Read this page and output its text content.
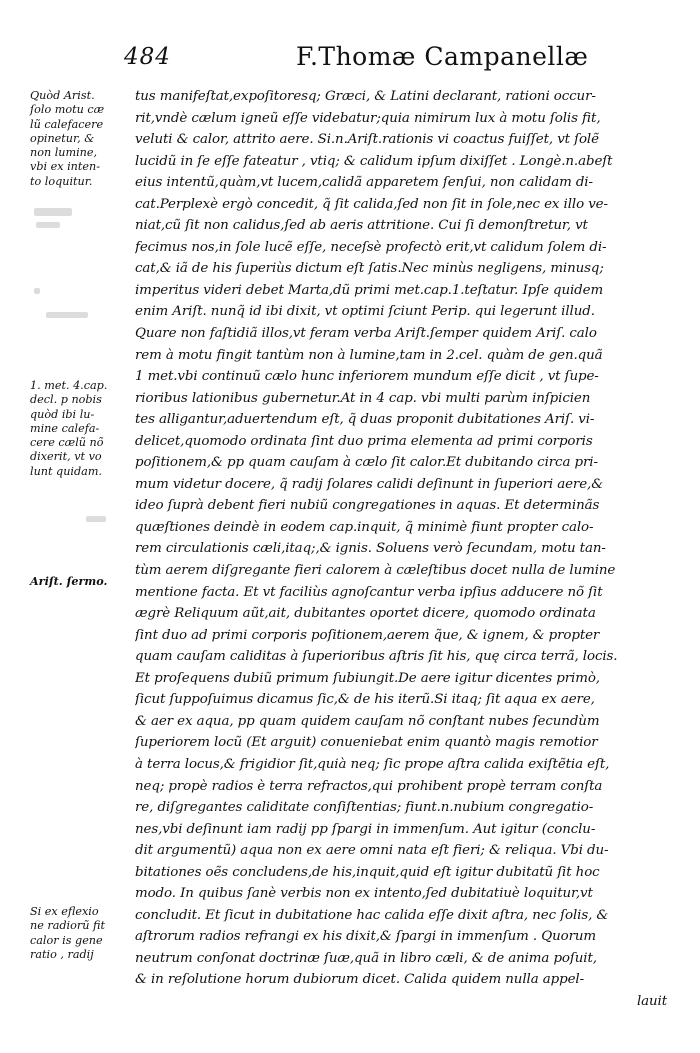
484	F.Thomæ Campanellæ
Quòd Arist.
ſolo motu cæ
lũ calefacere
opinetur, &
non lumine,
vbi ex inten-
to loquitur.
1. met. 4.cap.
decl. p nobis
quòd ibi lu-
mine calefa-
cere cælũ nõ
dixerit, vt vo
lunt quidam.
Ariſt. ſermo.
Si ex eflexio
ne radiorũ fit
calor is gene
ratio , radij
tus manifeſtat,expoſitoresq; Græci, & Latini declarant, rationi occur-
rit,vndè cælum igneũ eſſe videbatur;quia nimirum lux à motu ſolis fit,
veluti & calor, attrito aere. Si.n.Ariſt.rationis vi coactus fuiſſet, vt ſolẽ
lucidũ in ſe eſſe fateatur , vtiq; & calidum ipſum dixiſſet . Longè.n.abeſt
eius intentũ,quàm,vt lucem,calidã apparetem ſenſui, non calidam di-
cat.Perplexè ergò concedit, q̃ ſit calida,ſed non ſit in ſole,nec ex illo ve-
niat,cũ ſit non calidus,ſed ab aeris attritione. Cui ſi demonſtretur, vt
fecimus nos,in ſole lucẽ eſſe, neceſsè profectò erit,vt calidum ſolem di-
cat,& iã de his ſuperiùs dictum eſt ſatis.Nec minùs negligens, minusq;
imperitus videri debet Marta,dũ primi met.cap.1.teſtatur. Ipſe quidem
enim Ariſt. nunq̃ id ibi dixit, vt optimi ſciunt Perip. qui legerunt illud.
Quare non faſtidiã illos,vt feram verba Ariſt.ſemper quidem Ariſ. calo
rem à motu fingit tantùm non à lumine,tam in 2.cel. quàm de gen.quã
1 met.vbi continuũ cælo hunc inferiorem mundum eſſe dicit , vt ſupe-
rioribus lationibus gubernetur.At in 4 cap. vbi multi parùm inſpicien
tes alligantur,aduertendum eſt, q̃ duas proponit dubitationes Ariſ. vi-
delicet,quomodo ordinata ſint duo prima elementa ad primi corporis
poſitionem,& pp quam cauſam à cælo ſit calor.Et dubitando circa pri-
mum videtur docere, q̃ radij ſolares calidi deſinunt in ſuperiori aere,&
ideo ſuprà debent fieri nubiũ congregationes in aquas. Et determinãs
quæſtiones deindè in eodem cap.inquit, q̃ minimè fiunt propter calo-
rem circulationis cæli,itaq;,& ignis. Soluens verò ſecundam, motu tan-
tùm aerem diſgregante fieri calorem à cæleſtibus docet nulla de lumine
mentione facta. Et vt faciliùs agnoſcantur verba ipſius adducere nõ ſit
ægrè Reliquum aũt,ait, dubitantes oportet dicere, quomodo ordinata
ſint duo ad primi corporis poſitionem,aerem q̃ue, & ignem, & propter
quam cauſam caliditas à ſuperioribus aſtris ſit his, quę circa terrã, locis.
Et proſequens dubiũ primum ſubiungit.De aere igitur dicentes primò,
ſicut ſuppoſuimus dicamus ſic,& de his iterũ.Si itaq; ſit aqua ex aere,
& aer ex aqua, pp quam quidem cauſam nõ conſtant nubes ſecundùm
ſuperiorem locũ (Et arguit) conueniebat enim quantò magis remotior
à terra locus,& frigidior ſit,quià neq; ſic prope aſtra calida exiſtẽtia eſt,
neq; propè radios è terra refractos,qui prohibent propè terram conſta
re, diſgregantes caliditate conſiſtentias; fiunt.n.nubium congregatio-
nes,vbi deſinunt iam radij pp ſpargi in immenſum. Aut igitur (conclu-
dit argumentũ) aqua non ex aere omni nata eſt fieri; & reliqua. Vbi du-
bitationes oẽs concludens,de his,inquit,quid eſt igitur dubitatũ ſit hoc
modo. In quibus ſanè verbis non ex intento,ſed dubitatiuè loquitur,vt
concludit. Et ſicut in dubitatione hac calida eſſe dixit aſtra, nec ſolis, &
aſtrorum radios refrangi ex his dixit,& ſpargi in immenſum . Quorum
neutrum conſonat doctrinæ ſuæ,quã in libro cæli, & de anima poſuit,
& in reſolutione horum dubiorum dicet. Calida quidem nulla appel-
lauit
